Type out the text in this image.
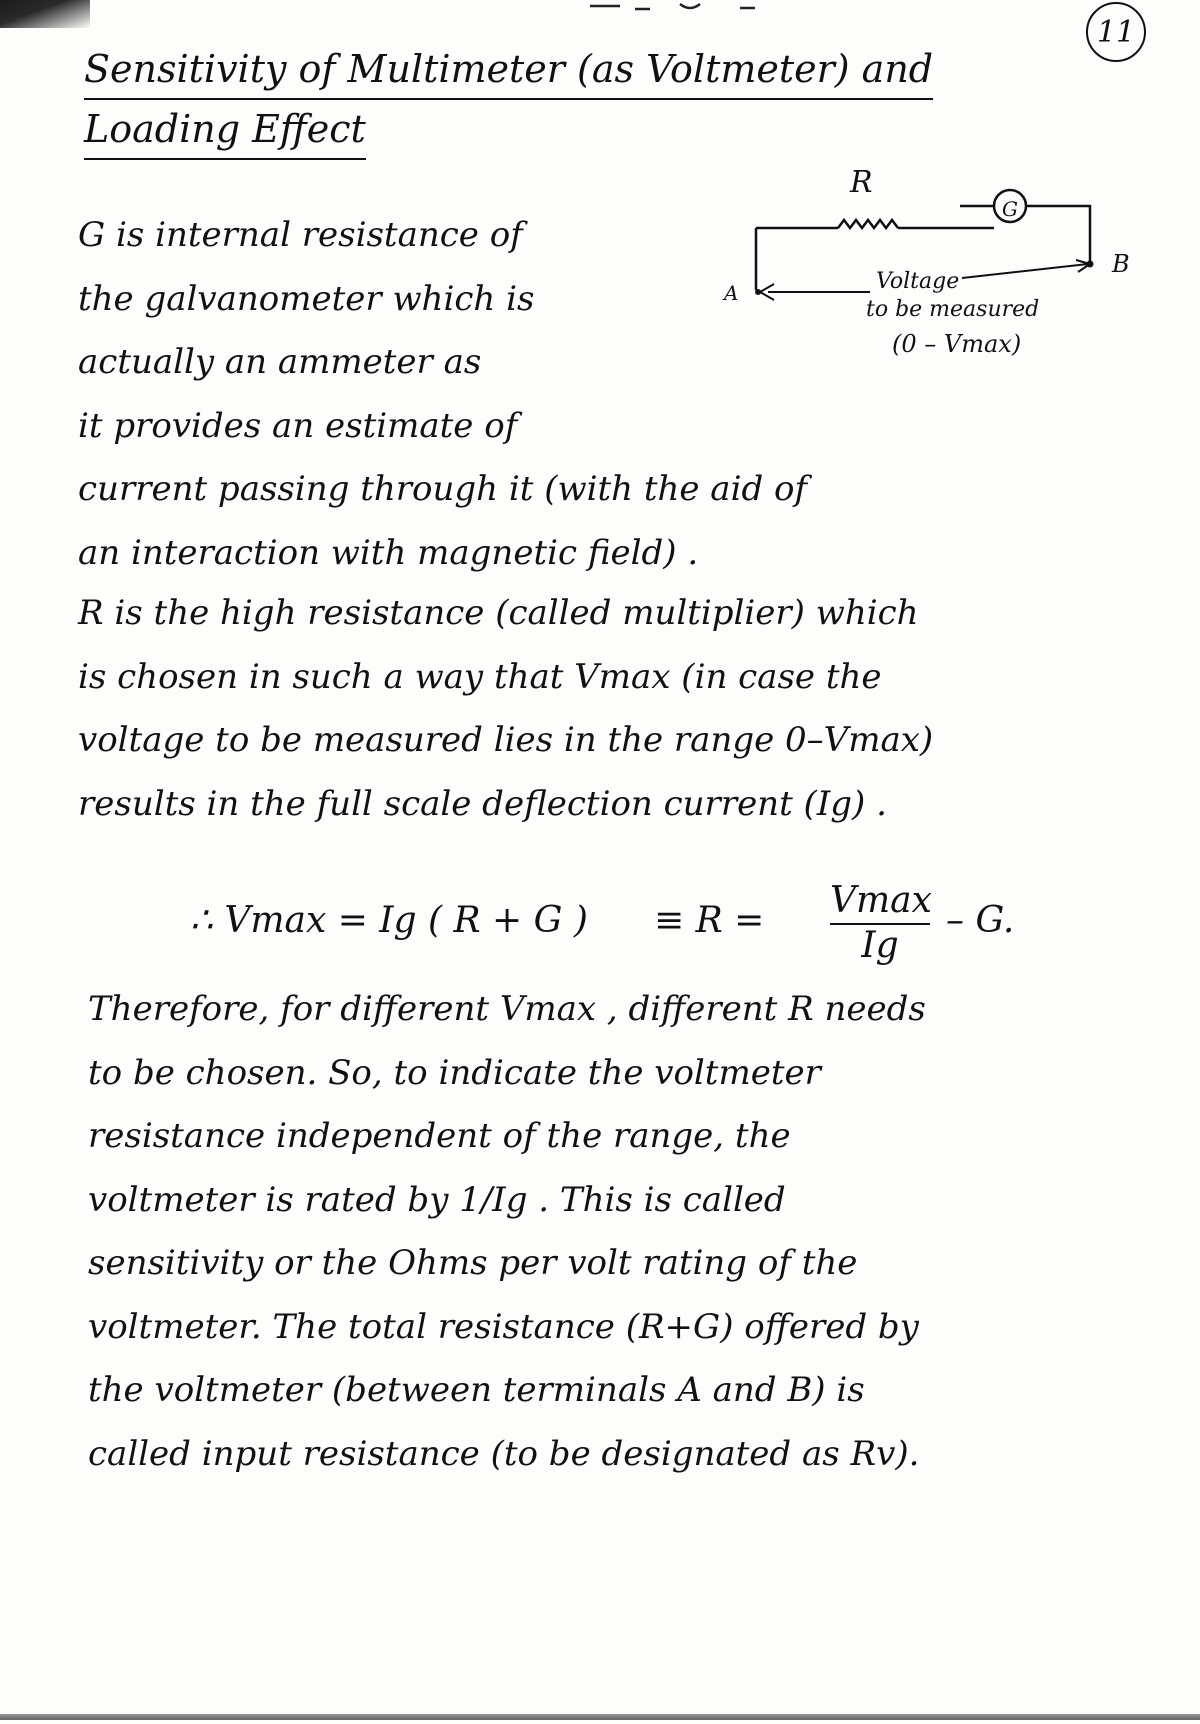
11
Sensitivity of Multimeter (as Voltmeter) and
Loading Effect
R
G
A
B
Voltage
to be measured
(0 – Vmax)
G is internal resistance of
the galvanometer which is
actually an ammeter as
it provides an estimate of
current passing through it (with the aid of
an interaction with magnetic field) .
R is the high resistance (called multiplier) which
is chosen in such a way that Vmax (in case the
voltage to be measured lies in the range 0–Vmax)
results in the full scale deflection current (Ig) .
∴ Vmax = Ig ( R + G ) ≡ R = Vmax
Ig
– G.
Therefore, for different Vmax , different R needs
to be chosen. So, to indicate the voltmeter
resistance independent of the range, the
voltmeter is rated by 1/Ig . This is called
sensitivity or the Ohms per volt rating of the
voltmeter. The total resistance (R+G) offered by
the voltmeter (between terminals A and B) is
called input resistance (to be designated as Rv).
